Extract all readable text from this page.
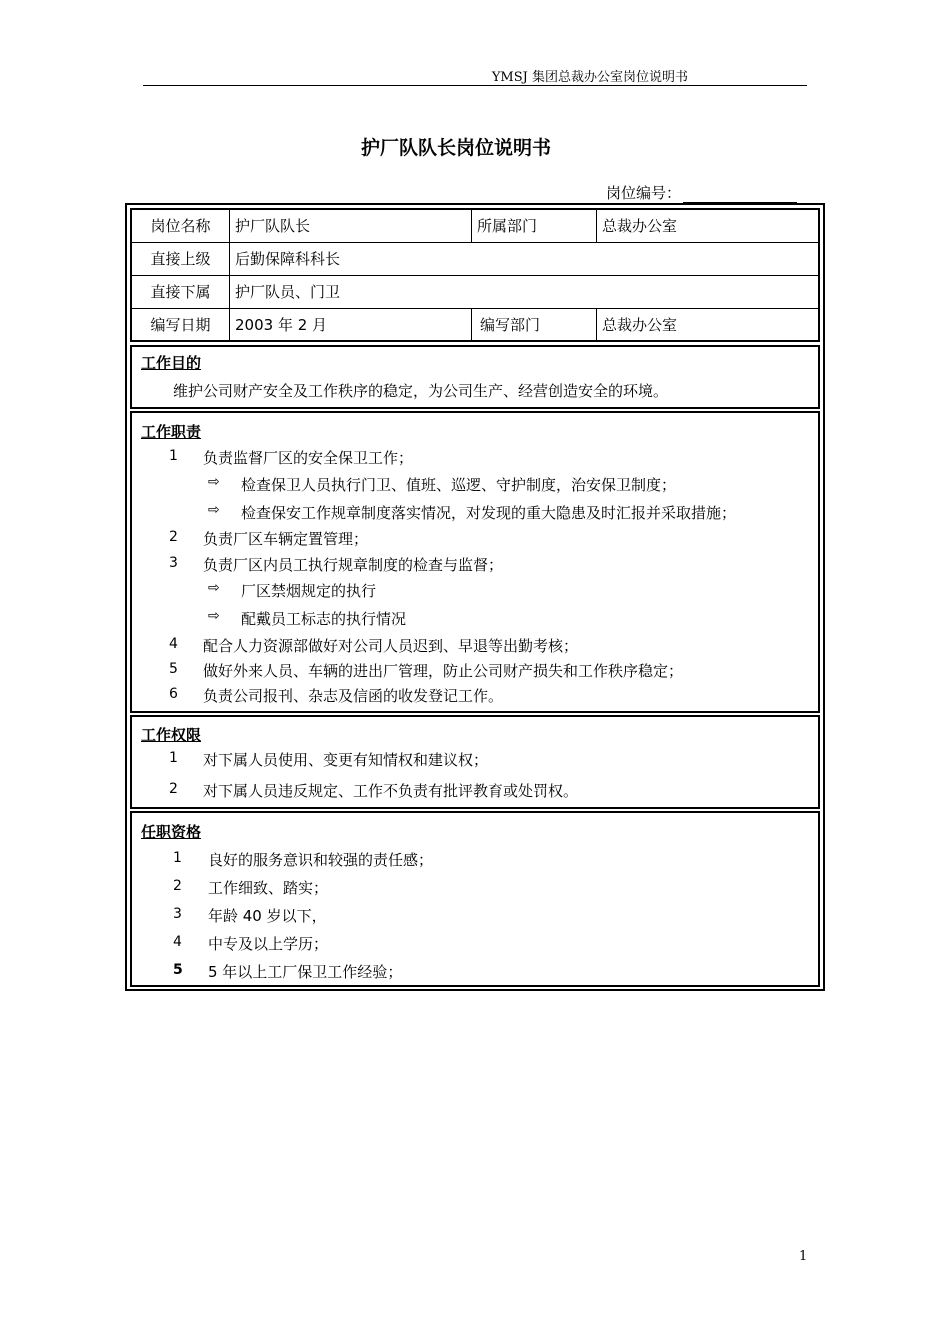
YMSJ 集团总裁办公室岗位说明书
护厂队队长岗位说明书
岗位编号：
岗位名称	护厂队队长	所属部门	总裁办公室
直接上级	后勤保障科科长
直接下属	护厂队员、门卫
编写日期	2003 年 2 月	编写部门	总裁办公室
工作目的
维护公司财产安全及工作秩序的稳定，为公司生产、经营创造安全的环境。
工作职责
1 负责监督厂区的安全保卫工作；
⇨ 检查保卫人员执行门卫、值班、巡逻、守护制度，治安保卫制度；
⇨ 检查保安工作规章制度落实情况，对发现的重大隐患及时汇报并采取措施；
2 负责厂区车辆定置管理；
3 负责厂区内员工执行规章制度的检查与监督；
⇨ 厂区禁烟规定的执行
⇨ 配戴员工标志的执行情况
4 配合人力资源部做好对公司人员迟到、早退等出勤考核；
5 做好外来人员、车辆的进出厂管理，防止公司财产损失和工作秩序稳定；
6 负责公司报刊、杂志及信函的收发登记工作。
工作权限
1 对下属人员使用、变更有知情权和建议权；
2 对下属人员违反规定、工作不负责有批评教育或处罚权。
任职资格
1 良好的服务意识和较强的责任感；
2 工作细致、踏实；
3 年龄 40 岁以下，
4 中专及以上学历；
5 5 年以上工厂保卫工作经验；
1
